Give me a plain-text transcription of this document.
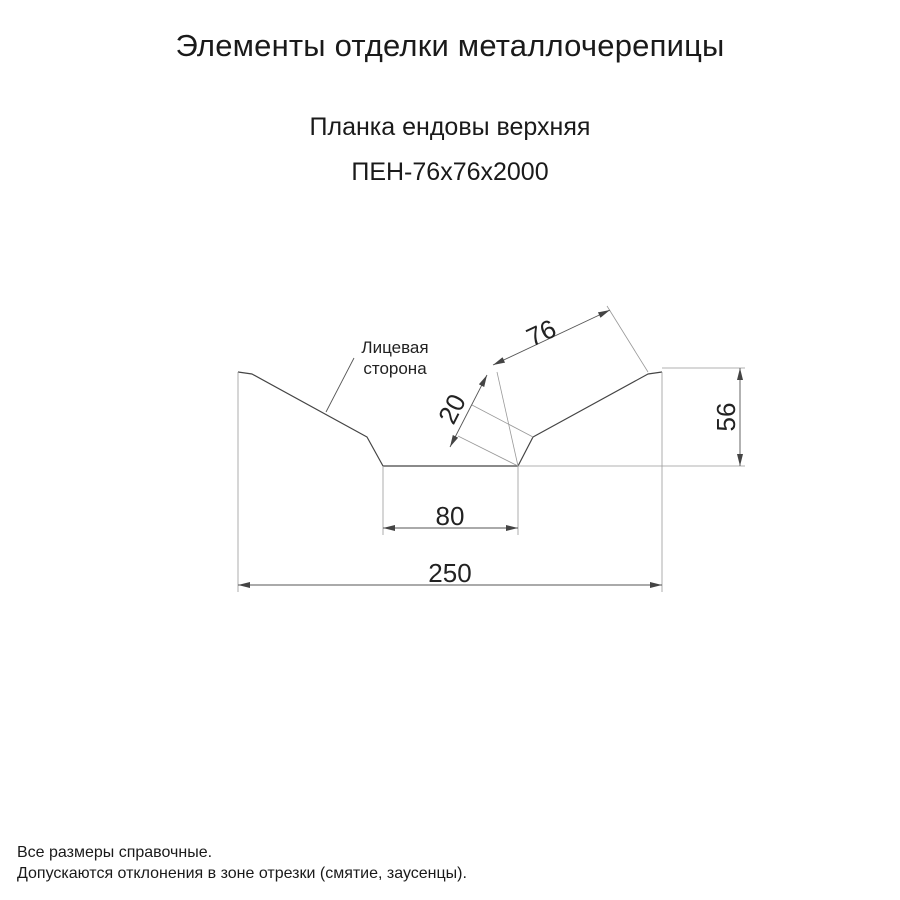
Элементы отделки металлочерепицы
Планка ендовы верхняя
ПЕН-76x76x2000
250
80
56
76
20
Лицевая
сторона
Все размеры справочные.
Допускаются отклонения в зоне отрезки (смятие, заусенцы).
